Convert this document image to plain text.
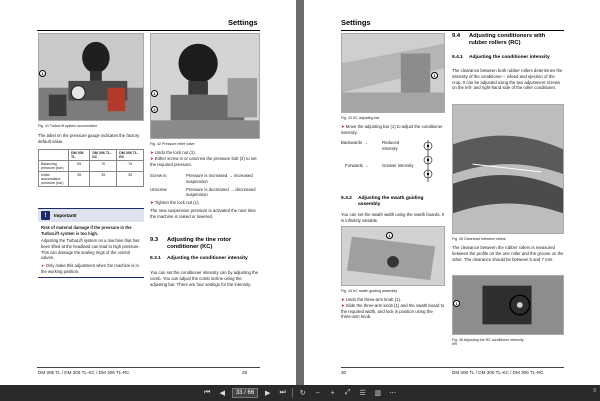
Settings
1
Fig. 41 TurboLift system accumulator
The label on the pressure gauge indicates the factory default value.
	DM 306 TL	DM 306 TL-KC	DM 306 TL-RC
Balancing pressure (bar)	55	70	75
Initial accumulator pressure (bar)	35	35	35
!	Important!
Risk of material damage if the pressure in the TurboLift system is too high.
Adjusting the TurboLift system on a machine that has been lifted at the headland can lead to high pressure. This can damage the sealing rings of the control valves.
➤ Only make this adjustment when the machine is in the working position.
1
2
Fig. 42 Pressure relief valve
➤ Undo the lock nut (1).
➤ Either screw in or unscrew the pressure bolt (2) to set the required pressure.
Screw in	Pressure is increased → increased suspension
Unscrew	Pressure is decreased → decreased suspension
➤ Tighten the lock nut (1).
The new suspension pressure is activated the next time the machine is raised or lowered.
9.3 Adjusting the tine rotor conditioner (KC)
9.3.1 Adjusting the conditioner intensity
You can set the conditioner intensity can by adjusting the comb. You can adjust the comb incline using the adjusting bar. There are four settings for the intensity.
DM 306 TL / DM 306 TL-KC / DM 306 TL-RC	29
Settings
1
Fig. 43 KC adjusting bar
➤ Move the adjusting bar (1) to adjust the conditioner intensity.
Backwards →	Reduced intensity
Forwards →	Greater intensity
9.3.2 Adjusting the swath guiding assembly
You can set the swath width using the swath boards. It is infinitely variable.
1
Fig. 44 KC swath guiding assembly
➤ Undo the three-arm knob (1).
➤ Slide the three-arm knob (1) and the swath board to the required width, and lock in position using the three-arm knob.
9.4 Adjusting conditioners with rubber rollers (RC)
9.4.1 Adjusting the conditioner intensity
The clearance between both rubber rollers determines the intensity of the conditioner – infeed and ejection of the crop. It can be adjusted using the two adjustment screws on the left- and right-hand side of the roller conditioner.
Fig. 45 Clearance between rollers
The clearance between the rubber rollers is measured between the profile on the one roller and the groove on the other. The clearance should be between 5 and 7 mm.
1
Fig. 46 Adjusting the RC conditioner intensity
left
30	DM 306 TL / DM 306 TL-KC / DM 306 TL-RC
⏮	◀	33 / 66	▶	⏭	↻	−	+	⤢	☰	▥	⋯	9
